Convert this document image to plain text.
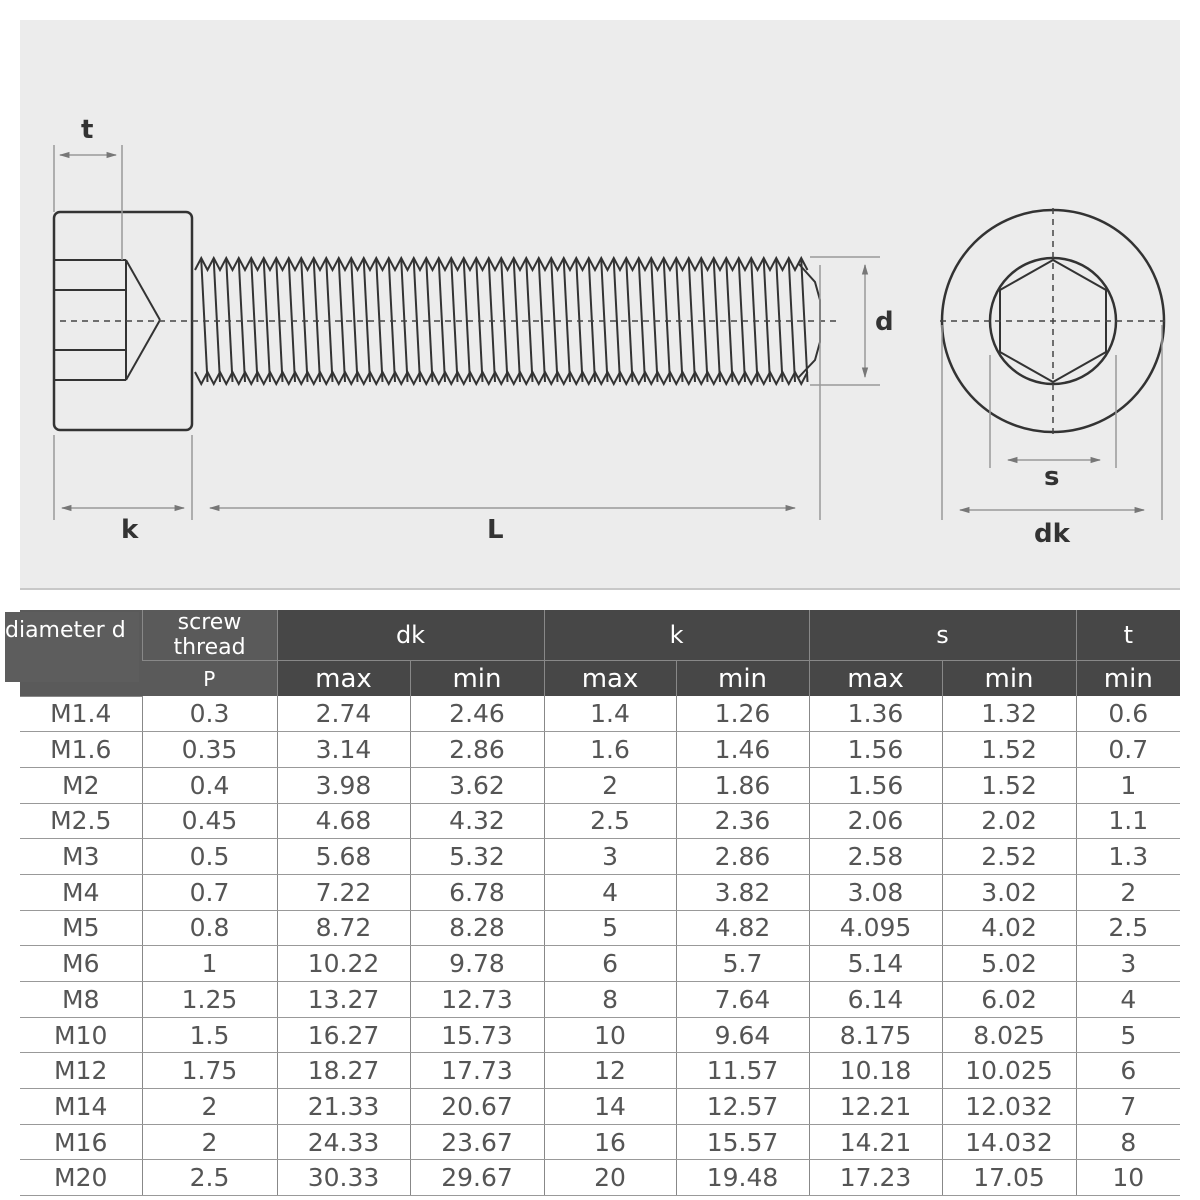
t
d
k	L
s
dk
diameter d
		screw thread	dk		k		s		t
	P	max	min	max	min	max	min	min
M1.4	0.3	2.74	2.46	1.4	1.26	1.36	1.32	0.6
M1.6	0.35	3.14	2.86	1.6	1.46	1.56	1.52	0.7
M2	0.4	3.98	3.62	2	1.86	1.56	1.52	1
M2.5	0.45	4.68	4.32	2.5	2.36	2.06	2.02	1.1
M3	0.5	5.68	5.32	3	2.86	2.58	2.52	1.3
M4	0.7	7.22	6.78	4	3.82	3.08	3.02	2
M5	0.8	8.72	8.28	5	4.82	4.095	4.02	2.5
M6	1	10.22	9.78	6	5.7	5.14	5.02	3
M8	1.25	13.27	12.73	8	7.64	6.14	6.02	4
M10	1.5	16.27	15.73	10	9.64	8.175	8.025	5
M12	1.75	18.27	17.73	12	11.57	10.18	10.025	6
M14	2	21.33	20.67	14	12.57	12.21	12.032	7
M16	2	24.33	23.67	16	15.57	14.21	14.032	8
M20	2.5	30.33	29.67	20	19.48	17.23	17.05	10
